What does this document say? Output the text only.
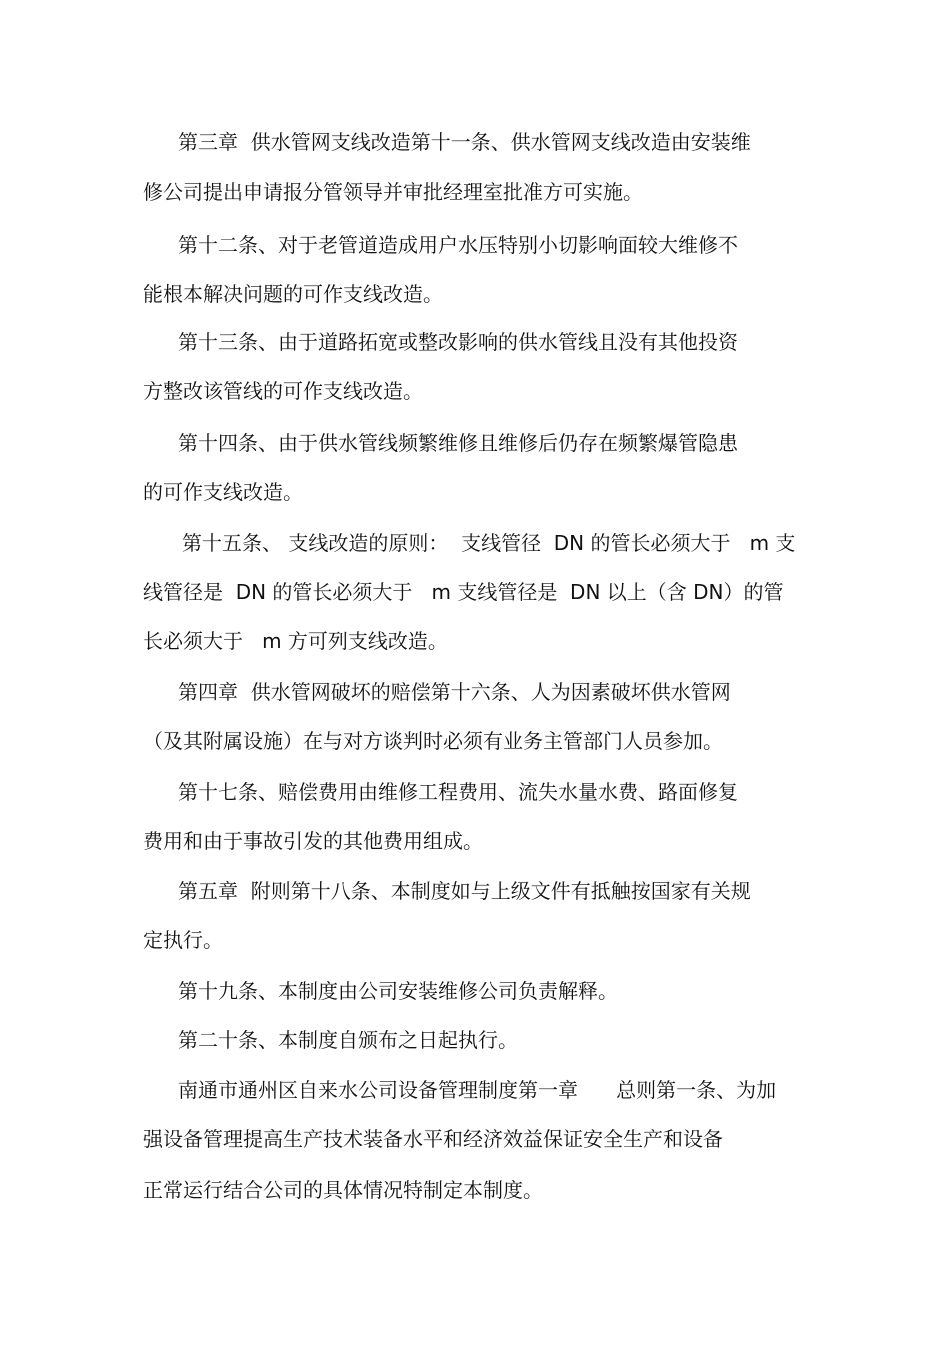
第三章  供水管网支线改造第十一条、供水管网支线改造由安装维
修公司提出申请报分管领导并审批经理室批准方可实施。
第十二条、对于老管道造成用户水压特别小切影响面较大维修不
能根本解决问题的可作支线改造。
第十三条、由于道路拓宽或整改影响的供水管线且没有其他投资
方整改该管线的可作支线改造。
第十四条、由于供水管线频繁维修且维修后仍存在频繁爆管隐患
的可作支线改造。
第十五条、 支线改造的原则：  支线管径  DN 的管长必须大于   m 支
线管径是  DN 的管长必须大于   m 支线管径是  DN 以上（含 DN）的管
长必须大于   m 方可列支线改造。
第四章  供水管网破坏的赔偿第十六条、人为因素破坏供水管网
（及其附属设施）在与对方谈判时必须有业务主管部门人员参加。
第十七条、赔偿费用由维修工程费用、流失水量水费、路面修复
费用和由于事故引发的其他费用组成。
第五章  附则第十八条、本制度如与上级文件有抵触按国家有关规
定执行。
第十九条、本制度由公司安装维修公司负责解释。
第二十条、本制度自颁布之日起执行。
南通市通州区自来水公司设备管理制度第一章      总则第一条、为加
强设备管理提高生产技术装备水平和经济效益保证安全生产和设备
正常运行结合公司的具体情况特制定本制度。
